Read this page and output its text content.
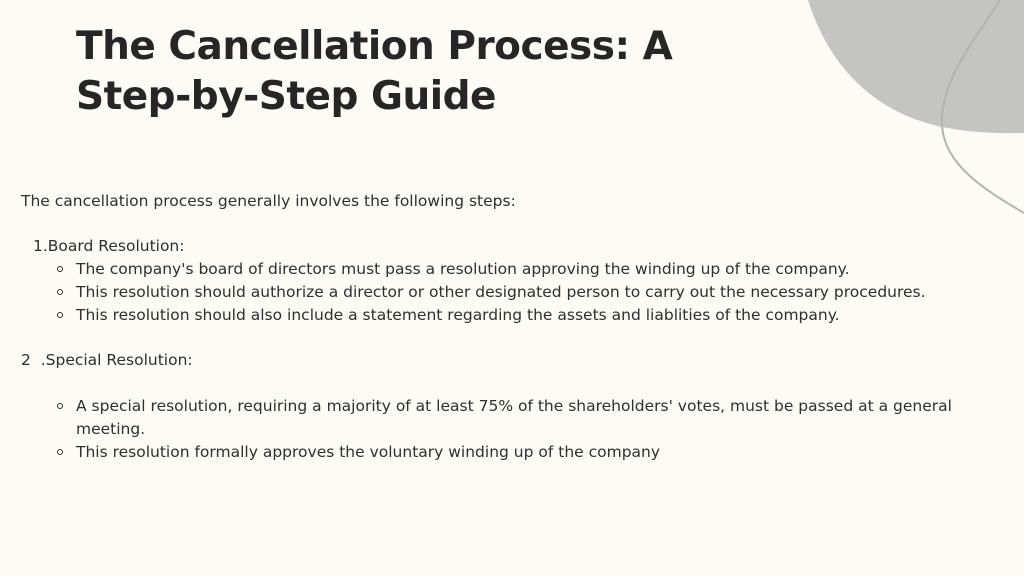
The Cancellation Process: A
Step-by-Step Guide

The cancellation process generally involves the following steps:

1.Board Resolution:

The company's board of directors must pass a resolution approving the winding up of the company.
This resolution should authorize a director or other designated person to carry out the necessary procedures.
This resolution should also include a statement regarding the assets and liablities of the company.

2  .Special Resolution:

A special resolution, requiring a majority of at least 75% of the shareholders' votes, must be passed at a general meeting.
This resolution formally approves the voluntary winding up of the company
